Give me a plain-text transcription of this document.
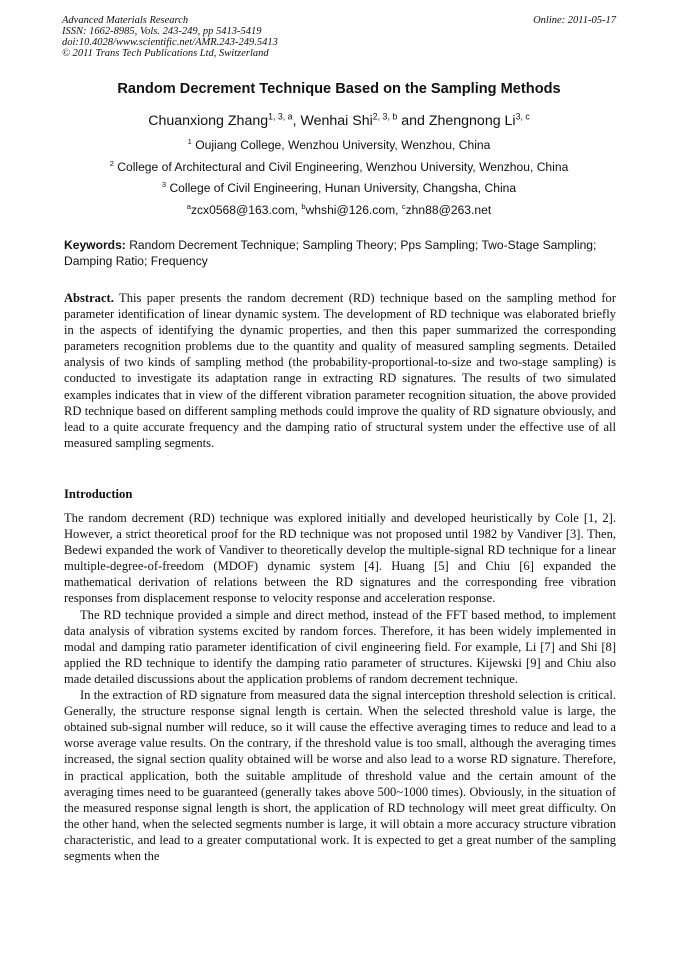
Advanced Materials Research
ISSN: 1662-8985, Vols. 243-249, pp 5413-5419
doi:10.4028/www.scientific.net/AMR.243-249.5413
© 2011 Trans Tech Publications Ltd, Switzerland
Online: 2011-05-17
Random Decrement Technique Based on the Sampling Methods
Chuanxiong Zhang$^{1, 3, a}$, Wenhai Shi$^{2, 3, b}$ and Zhengnong Li$^{3, c}$
$^1$ Oujiang College, Wenzhou University, Wenzhou, China
$^2$ College of Architectural and Civil Engineering, Wenzhou University, Wenzhou, China
$^3$ College of Civil Engineering, Hunan University, Changsha, China
$^a$zcx0568@163.com, $^b$whshi@126.com, $^c$zhn88@263.net
Keywords: Random Decrement Technique; Sampling Theory; Pps Sampling; Two-Stage Sampling; Damping Ratio; Frequency
Abstract. This paper presents the random decrement (RD) technique based on the sampling method for parameter identification of linear dynamic system. The development of RD technique was elaborated briefly in the aspects of identifying the dynamic properties, and then this paper summarized the corresponding parameters recognition problems due to the quantity and quality of measured sampling segments. Detailed analysis of two kinds of sampling method (the probability-proportional-to-size and two-stage sampling) is conducted to investigate its adaptation range in extracting RD signatures. The results of two simulated examples indicates that in view of the different vibration parameter recognition situation, the above provided RD technique based on different sampling methods could improve the quality of RD signature obviously, and lead to a quite accurate frequency and the damping ratio of structural system under the effective use of all measured sampling segments.
Introduction

The random decrement (RD) technique was explored initially and developed heuristically by Cole [1, 2]. However, a strict theoretical proof for the RD technique was not proposed until 1982 by Vandiver [3]. Then, Bedewi expanded the work of Vandiver to theoretically develop the multiple-signal RD technique for a linear multiple-degree-of-freedom (MDOF) dynamic system [4]. Huang [5] and Chiu [6] expanded the mathematical derivation of relations between the RD signatures and the corresponding free vibration responses from displacement response to velocity response and acceleration response.

The RD technique provided a simple and direct method, instead of the FFT based method, to implement data analysis of vibration systems excited by random forces. Therefore, it has been widely implemented in modal and damping ratio parameter identification of civil engineering field. For example, Li [7] and Shi [8] applied the RD technique to identify the damping ratio parameter of structures. Kijewski [9] and Chiu also made detailed discussions about the application problems of random decrement technique.

In the extraction of RD signature from measured data the signal interception threshold selection is critical. Generally, the structure response signal length is certain. When the selected threshold value is large, the obtained sub-signal number will reduce, so it will cause the effective averaging times to reduce and lead to a worse average value results. On the contrary, if the threshold value is too small, although the averaging times increased, the signal section quality obtained will be worse and also lead to a worse RD signature. Therefore, in practical application, both the suitable amplitude of threshold value and the certain amount of the averaging times need to be guaranteed (generally takes above 500~1000 times). Obviously, in the situation of the measured response signal length is short, the application of RD technology will meet great difficulty. On the other hand, when the selected segments number is large, it will obtain a more accuracy structure vibration characteristic, and lead to a greater computational work. It is expected to get a great number of the sampling segments when the
